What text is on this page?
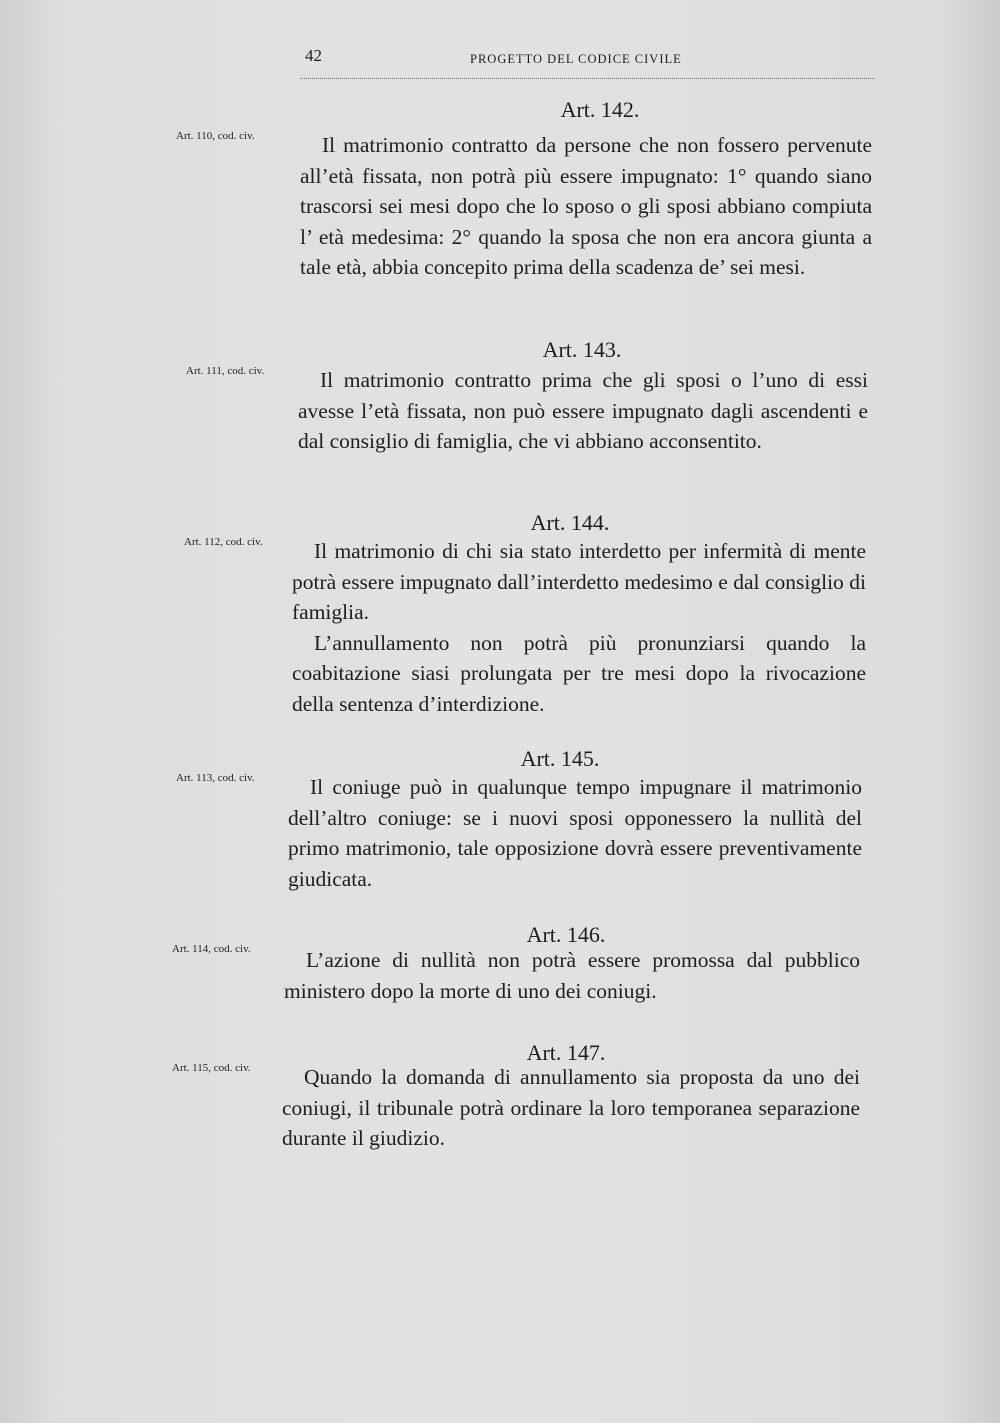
42	PROGETTO DEL CODICE CIVILE
Art. 142.
Art. 110, cod. civ.	Il matrimonio contratto da persone che non fossero pervenute all’età fissata, non potrà più essere impugnato: 1° quando siano trascorsi sei mesi dopo che lo sposo o gli sposi abbiano compiuta l’ età medesima: 2° quando la sposa che non era ancora giunta a tale età, abbia concepito prima della scadenza de’ sei mesi.

Art. 143.
Art. 111, cod. civ.	Il matrimonio contratto prima che gli sposi o l’uno di essi avesse l’età fissata, non può essere impugnato dagli ascendenti e dal consiglio di famiglia, che vi abbiano acconsentito.

Art. 144.
Art. 112, cod. civ.	Il matrimonio di chi sia stato interdetto per infermità di mente potrà essere impugnato dall’interdetto medesimo e dal consiglio di famiglia.

L’annullamento non potrà più pronunziarsi quando la coabitazione siasi prolungata per tre mesi dopo la rivocazione della sentenza d’interdizione.

Art. 145.
Art. 113, cod. civ.	Il coniuge può in qualunque tempo impugnare il matrimonio dell’altro coniuge: se i nuovi sposi opponessero la nullità del primo matrimonio, tale opposizione dovrà essere preventivamente giudicata.

Art. 146.
Art. 114, cod. civ.	L’azione di nullità non potrà essere promossa dal pubblico ministero dopo la morte di uno dei coniugi.

Art. 147.
Art. 115, cod. civ.	Quando la domanda di annullamento sia proposta da uno dei coniugi, il tribunale potrà ordinare la loro temporanea separazione durante il giudizio.
